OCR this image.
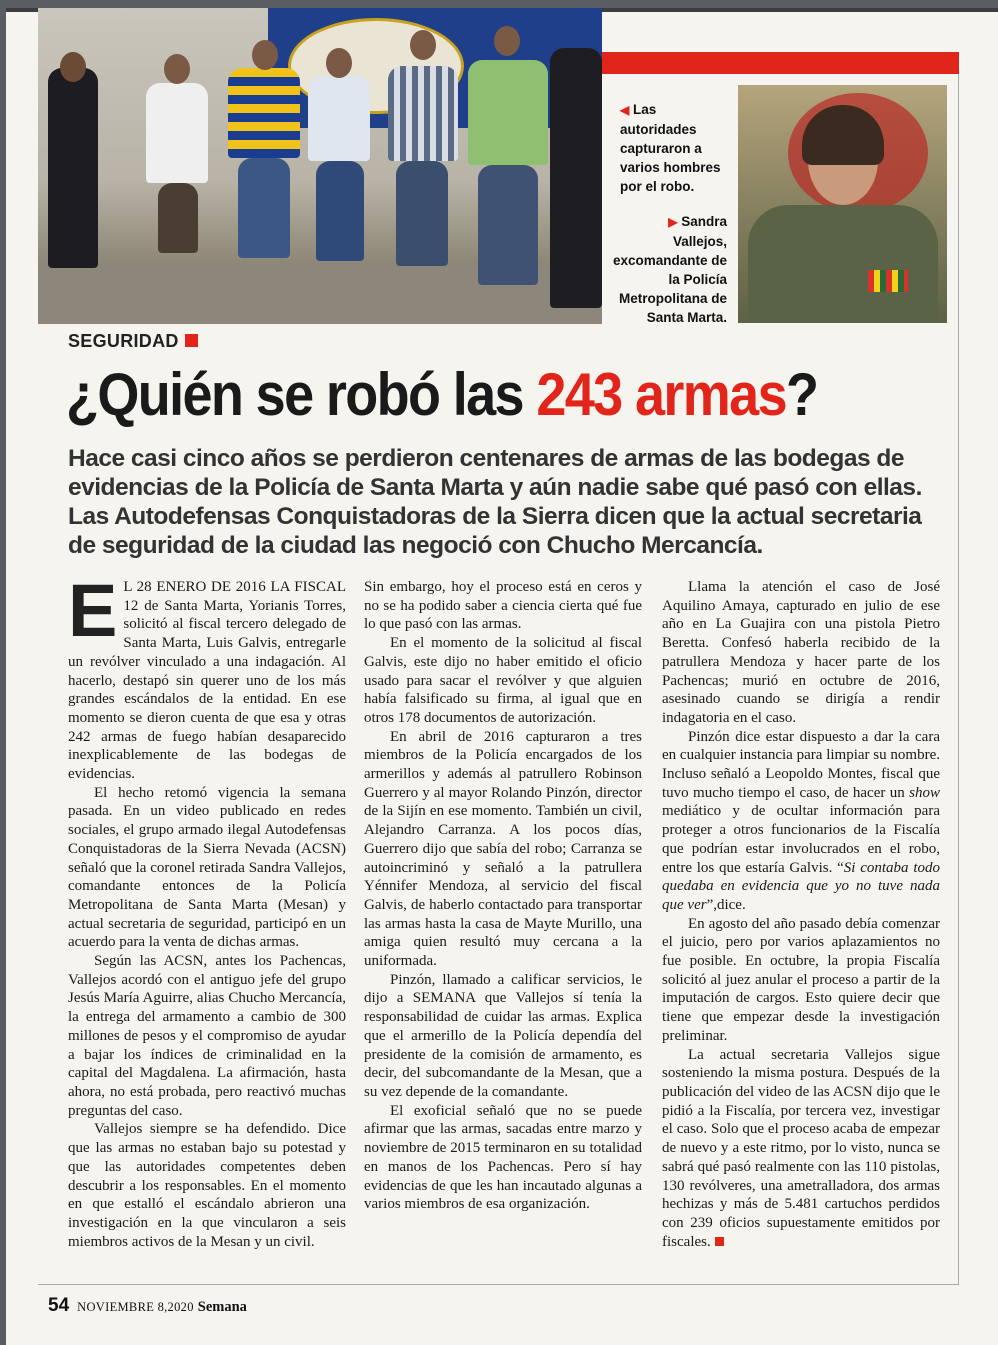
◀ Las autoridades capturaron a varios hombres por el robo.
▶ Sandra Vallejos, excomandante de la Policía Metropolitana de Santa Marta.
SEGURIDAD
¿Quién se robó las 243 armas?
Hace casi cinco años se perdieron centenares de armas de las bodegas de evidencias de la Policía de Santa Marta y aún nadie sabe qué pasó con ellas. Las Autodefensas Conquistadoras de la Sierra dicen que la actual secretaria de seguridad de la ciudad las negoció con Chucho Mercancía.
E L 28 ENERO DE 2016 LA FISCAL 12 de Santa Marta, Yorianis Torres, solicitó al fiscal tercero delegado de Santa Marta, Luis Galvis, entregarle un revólver vinculado a una indagación. Al hacerlo, destapó sin querer uno de los más grandes escándalos de la entidad. En ese momento se dieron cuenta de que esa y otras 242 armas de fuego habían desaparecido inexplicablemente de las bodegas de evidencias.

El hecho retomó vigencia la semana pasada. En un video publicado en redes sociales, el grupo armado ilegal Autodefensas Conquistadoras de la Sierra Nevada (ACSN) señaló que la coronel retirada Sandra Vallejos, comandante entonces de la Policía Metropolitana de Santa Marta (Mesan) y actual secretaria de seguridad, participó en un acuerdo para la venta de dichas armas.

Según las ACSN, antes los Pachencas, Vallejos acordó con el antiguo jefe del grupo Jesús María Aguirre, alias Chucho Mercancía, la entrega del armamento a cambio de 300 millones de pesos y el compromiso de ayudar a bajar los índices de criminalidad en la capital del Magdalena. La afirmación, hasta ahora, no está probada, pero reactivó muchas preguntas del caso.

Vallejos siempre se ha defendido. Dice que las armas no estaban bajo su potestad y que las autoridades competentes deben descubrir a los responsables. En el momento en que estalló el escándalo abrieron una investigación en la que vincularon a seis miembros activos de la Mesan y un civil.

Sin embargo, hoy el proceso está en ceros y no se ha podido saber a ciencia cierta qué fue lo que pasó con las armas.

En el momento de la solicitud al fiscal Galvis, este dijo no haber emitido el oficio usado para sacar el revólver y que alguien había falsificado su firma, al igual que en otros 178 documentos de autorización.

En abril de 2016 capturaron a tres miembros de la Policía encargados de los armerillos y además al patrullero Robinson Guerrero y al mayor Rolando Pinzón, director de la Sijín en ese momento. También un civil, Alejandro Carranza. A los pocos días, Guerrero dijo que sabía del robo; Carranza se autoincriminó y señaló a la patrullera Yénnifer Mendoza, al servicio del fiscal Galvis, de haberlo contactado para transportar las armas hasta la casa de Mayte Murillo, una amiga quien resultó muy cercana a la uniformada.

Pinzón, llamado a calificar servicios, le dijo a SEMANA que Vallejos sí tenía la responsabilidad de cuidar las armas. Explica que el armerillo de la Policía dependía del presidente de la comisión de armamento, es decir, del subcomandante de la Mesan, que a su vez depende de la comandante.

El exoficial señaló que no se puede afirmar que las armas, sacadas entre marzo y noviembre de 2015 terminaron en su totalidad en manos de los Pachencas. Pero sí hay evidencias de que les han incautado algunas a varios miembros de esa organización.

Llama la atención el caso de José Aquilino Amaya, capturado en julio de ese año en La Guajira con una pistola Pietro Beretta. Confesó haberla recibido de la patrullera Mendoza y hacer parte de los Pachencas; murió en octubre de 2016, asesinado cuando se dirigía a rendir indagatoria en el caso.

Pinzón dice estar dispuesto a dar la cara en cualquier instancia para limpiar su nombre. Incluso señaló a Leopoldo Montes, fiscal que tuvo mucho tiempo el caso, de hacer un show mediático y de ocultar información para proteger a otros funcionarios de la Fiscalía que podrían estar involucrados en el robo, entre los que estaría Galvis. “Si contaba todo quedaba en evidencia que yo no tuve nada que ver”,dice.

En agosto del año pasado debía comenzar el juicio, pero por varios aplazamientos no fue posible. En octubre, la propia Fiscalía solicitó al juez anular el proceso a partir de la imputación de cargos. Esto quiere decir que tiene que empezar desde la investigación preliminar.

La actual secretaria Vallejos sigue sosteniendo la misma postura. Después de la publicación del video de las ACSN dijo que le pidió a la Fiscalía, por tercera vez, investigar el caso. Solo que el proceso acaba de empezar de nuevo y a este ritmo, por lo visto, nunca se sabrá qué pasó realmente con las 110 pistolas, 130 revólveres, una ametralladora, dos armas hechizas y más de 5.481 cartuchos perdidos con 239 oficios supuestamente emitidos por fiscales.

54 NOVIEMBRE 8,2020 Semana
